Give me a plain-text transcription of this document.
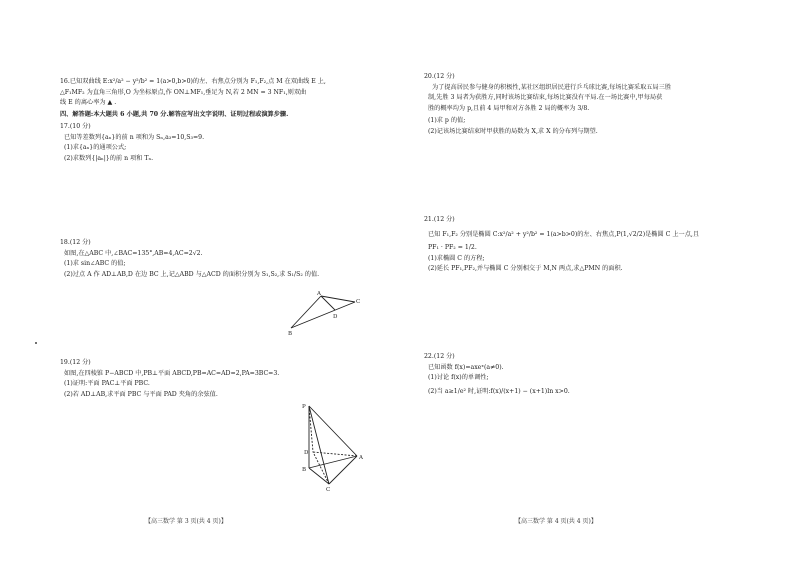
16.已知双曲线 E:x²/a² − y²/b² = 1(a>0,b>0)的左、右焦点分别为 F₁,F₂,点 M 在双曲线 E 上,
△F₁MF₂ 为直角三角形,O 为坐标原点,作 ON⊥MF₁,垂足为 N,若 2 MN = 3 NF₁,则双曲
线 E 的离心率为 ▲ .
四、解答题:本大题共 6 小题,共 70 分.解答应写出文字说明、证明过程或演算步骤.
17.(10 分)
已知等差数列{aₙ}的前 n 项和为 Sₙ,a₃=10,S₃=9.
(1)求{aₙ}的通项公式;
(2)求数列{|aₙ|}的前 n 项和 Tₙ.
18.(12 分)
如图,在△ABC 中,∠BAC=135°,AB=4,AC=2√2.
(1)求 sin∠ABC 的值;
(2)过点 A 作 AD⊥AB,D 在边 BC 上,记△ABD 与△ACD 的面积分别为 S₁,S₂,求 S₁/S₂ 的值.
A
B
C
D
19.(12 分)
如图,在四棱锥 P−ABCD 中,PB⊥平面 ABCD,PB=AC=AD=2,PA=3BC=3.
(1)证明:平面 PAC⊥平面 PBC.
(2)若 AD⊥AB,求平面 PBC 与平面 PAD 夹角的余弦值.
P
A
B
C
D
【高三数学 第 3 页(共 4 页)】
20.(12 分)
为了提高居民参与健身的积极性,某社区组织居民进行乒乓球比赛,每场比赛采取五局三胜
制,先胜 3 局者为获胜方,同时该场比赛结束,每场比赛没有平局.在一场比赛中,甲每局获
胜的概率均为 p,且前 4 局甲和对方各胜 2 局的概率为 3/8.
(1)求 p 的值;
(2)记该场比赛结束时甲获胜的局数为 X,求 X 的分布列与期望.
21.(12 分)
已知 F₁,F₂ 分别是椭圆 C:x²/a² + y²/b² = 1(a>b>0)的左、右焦点,P(1,√2/2)是椭圆 C 上一点,且
PF₁ · PF₂ = 1/2.
(1)求椭圆 C 的方程;
(2)延长 PF₁,PF₂,并与椭圆 C 分别相交于 M,N 两点,求△PMN 的面积.
22.(12 分)
已知函数 f(x)=axeˣ(a≠0).
(1)讨论 f(x)的单调性;
(2)当 a≥1/e² 时,证明:f(x)/(x+1) − (x+1)ln x>0.
【高三数学 第 4 页(共 4 页)】
